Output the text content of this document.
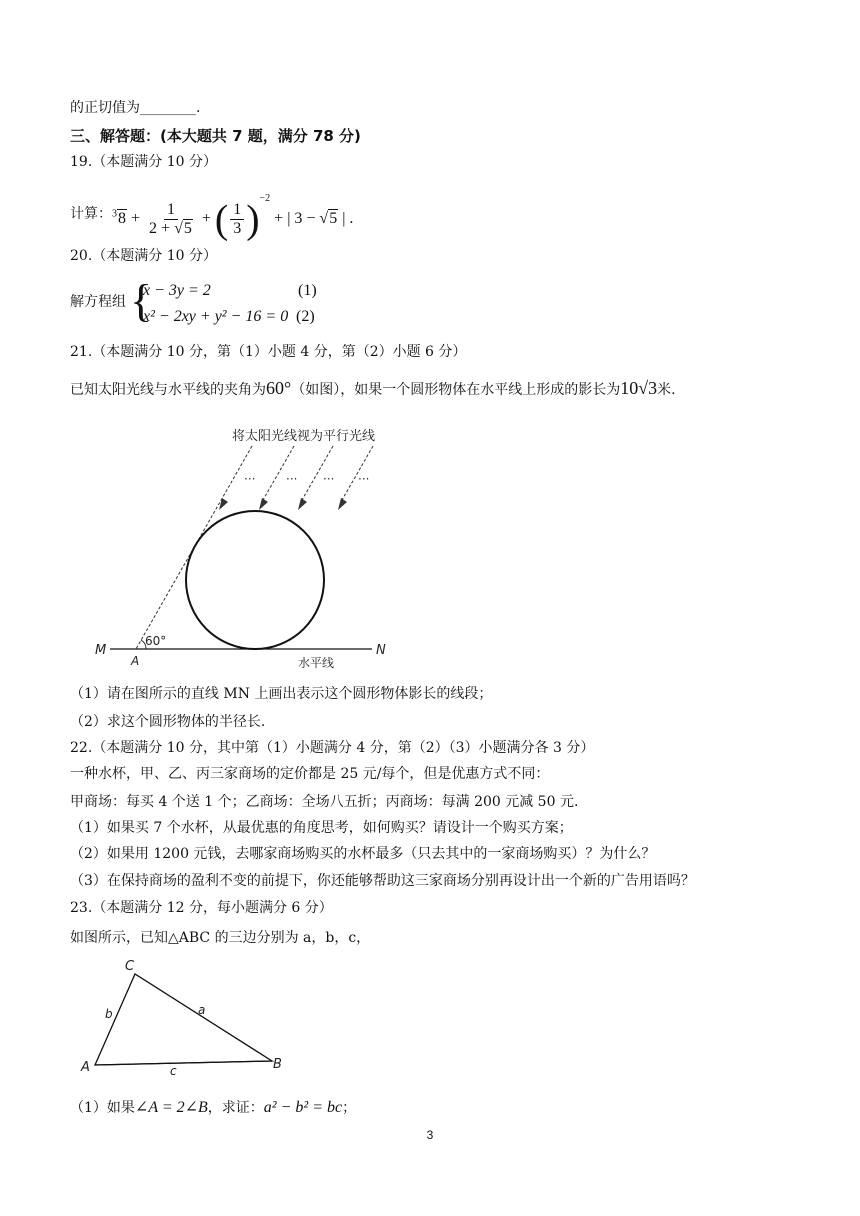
的正切值为________.
三、解答题：(本大题共 7 题，满分 78 分)
19.（本题满分 10 分）
计算： $^38 + \frac{1}{2 + √5}$ + ( $\frac{1}{3} )^{-2}$ + | 3 − √5 | .
20.（本题满分 10 分）
解方程组 {
x − 3y = 2	(1)
x² − 2xy + y² − 16 = 0 (2)
21.（本题满分 10 分，第（1）小题 4 分，第（2）小题 6 分）
已知太阳光线与水平线的夹角为60°（如图），如果一个圆形物体在水平线上形成的影长为10√3米.
将太阳光线视为平行光线
···	··· ··· ···
M	N
A
60°
水平线
（1）请在图所示的直线 MN 上画出表示这个圆形物体影长的线段；
（2）求这个圆形物体的半径长.
22.（本题满分 10 分，其中第（1）小题满分 4 分，第（2）（3）小题满分各 3 分）
一种水杯，甲、乙、丙三家商场的定价都是 25 元/每个，但是优惠方式不同：
甲商场：每买 4 个送 1 个；乙商场：全场八五折；丙商场：每满 200 元减 50 元.
（1）如果买 7 个水杯，从最优惠的角度思考，如何购买？请设计一个购买方案；
（2）如果用 1200 元钱，去哪家商场购买的水杯最多（只去其中的一家商场购买）？为什么？
（3）在保持商场的盈利不变的前提下，你还能够帮助这三家商场分别再设计出一个新的广告用语吗？
23.（本题满分 12 分，每小题满分 6 分）
如图所示，已知△ABC 的三边分别为 a，b，c，
C
A	B
b	a
c
（1）如果∠A = 2∠B，求证：a² − b² = bc；
3
